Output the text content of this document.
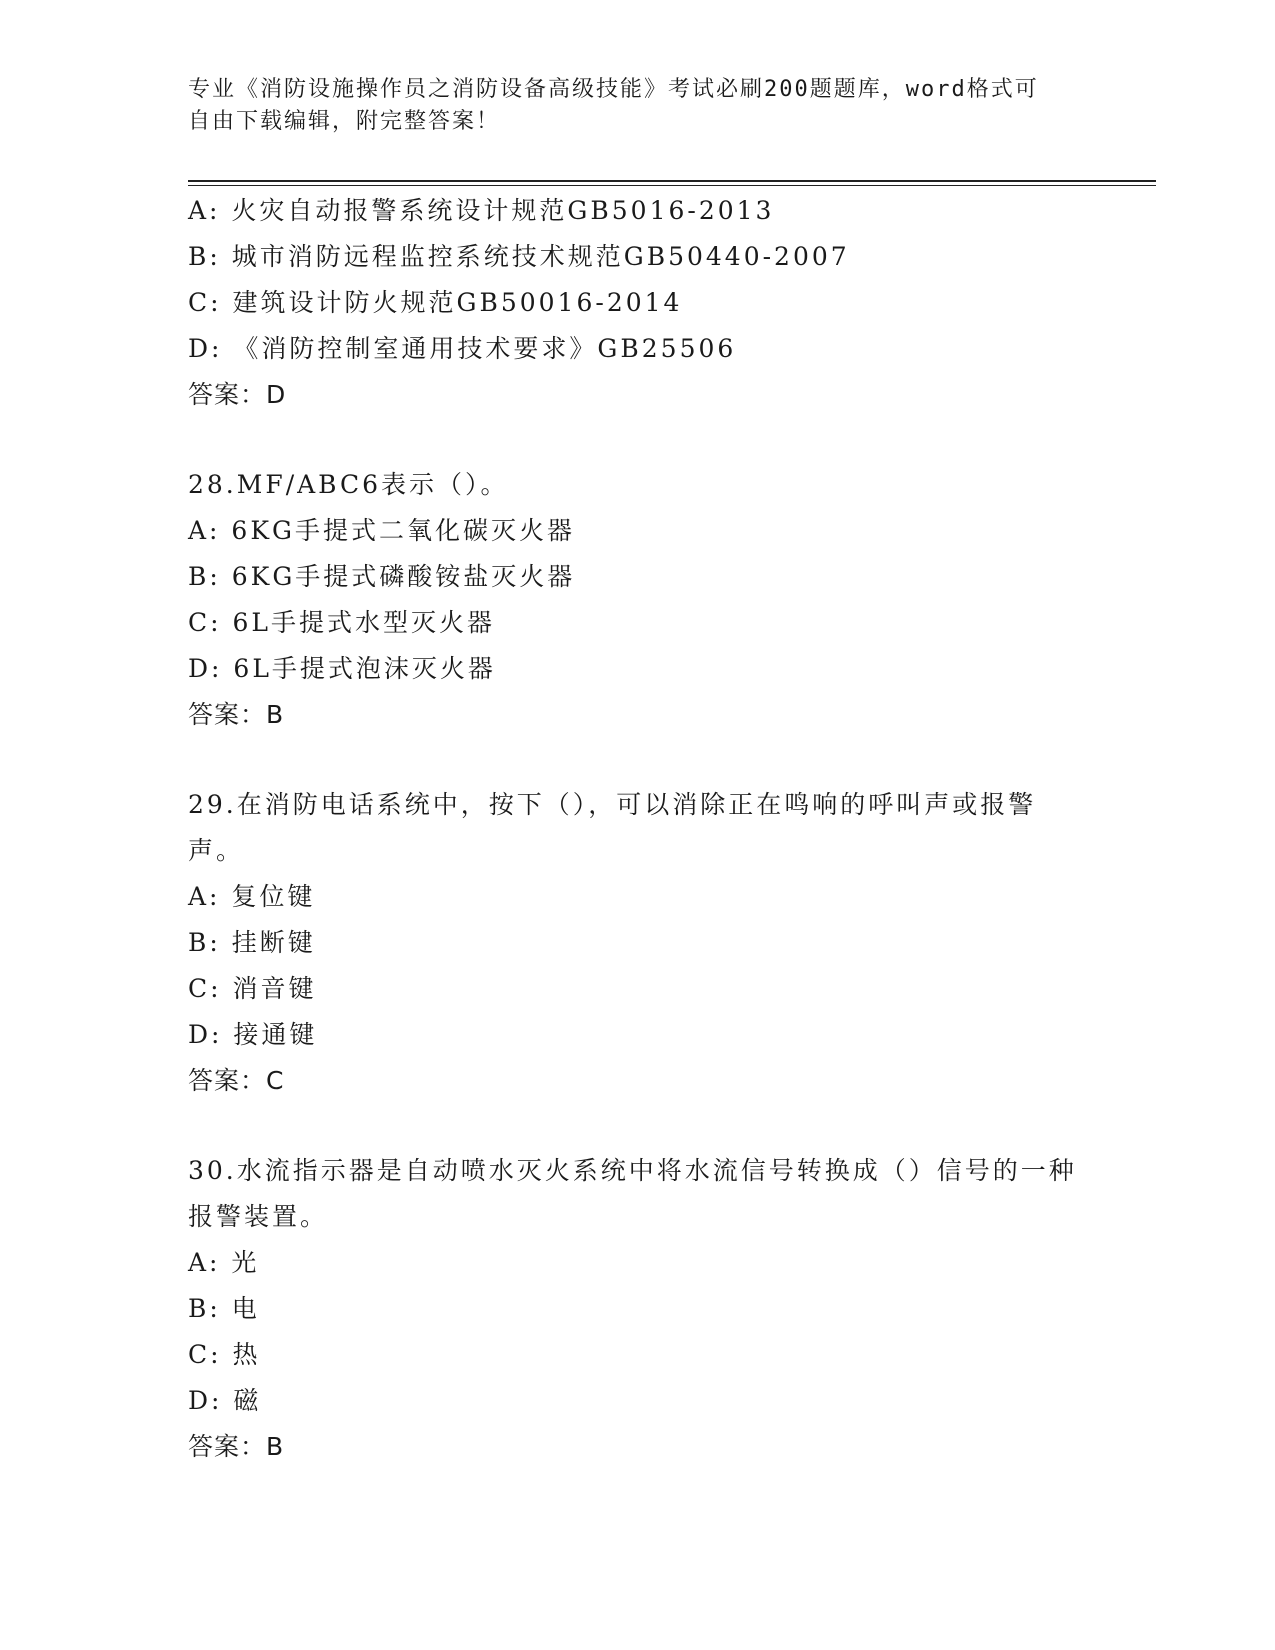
专业《消防设施操作员之消防设备高级技能》考试必刷200题题库，word格式可
自由下载编辑，附完整答案！
A: 火灾自动报警系统设计规范GB5016-2013
B: 城市消防远程监控系统技术规范GB50440-2007
C: 建筑设计防火规范GB50016-2014
D: 《消防控制室通用技术要求》GB25506
答案：D
28.MF/ABC6表示（）。
A: 6KG手提式二氧化碳灭火器
B: 6KG手提式磷酸铵盐灭火器
C: 6L手提式水型灭火器
D: 6L手提式泡沫灭火器
答案：B
29.在消防电话系统中，按下（），可以消除正在鸣响的呼叫声或报警声。
A: 复位键
B: 挂断键
C: 消音键
D: 接通键
答案：C
30.水流指示器是自动喷水灭火系统中将水流信号转换成（）信号的一种报警装置。
A: 光
B: 电
C: 热
D: 磁
答案：B
